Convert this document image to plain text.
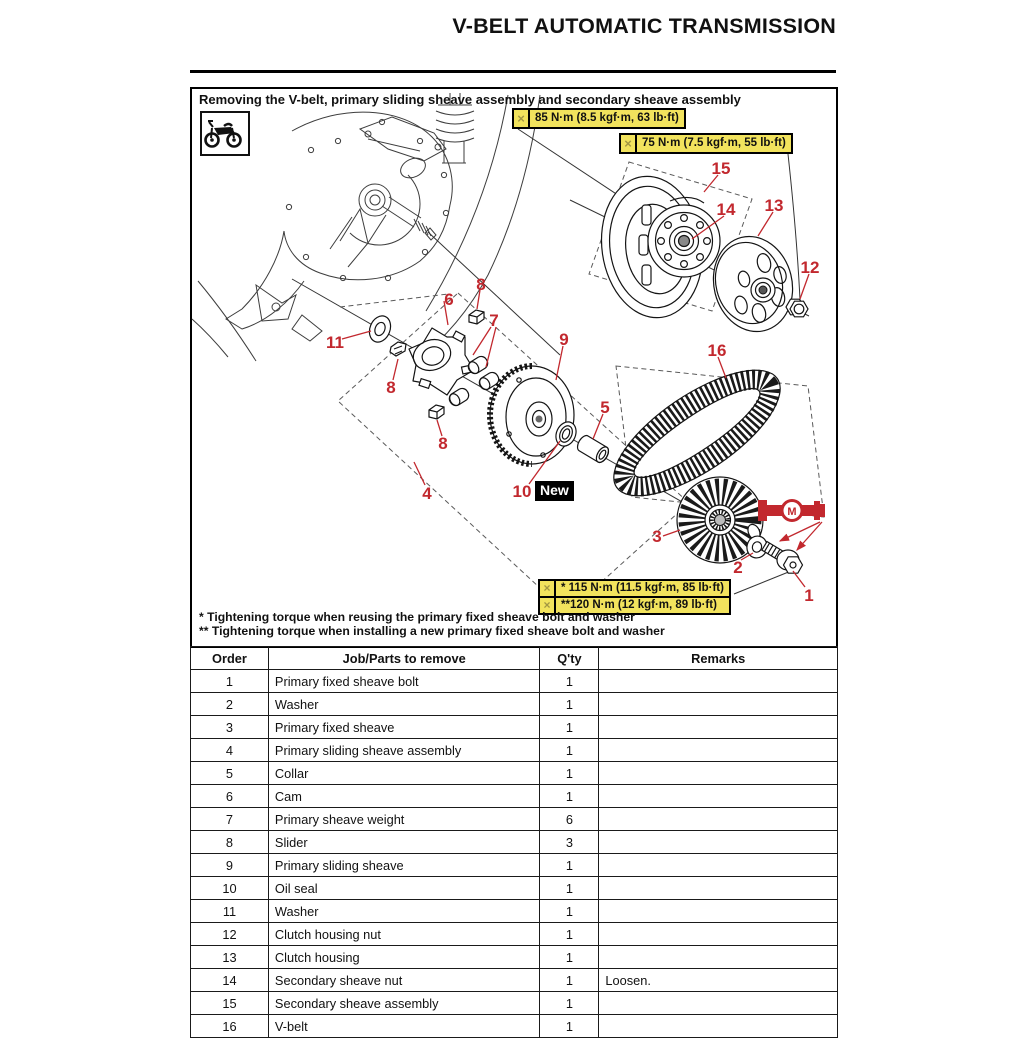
V-BELT AUTOMATIC TRANSMISSION
M
1
2
3
4
5
6
7
8
8
8
9
10
11
12
13
14
15
16
Removing the V-belt, primary sliding sheave assembly and secondary sheave assembly
× 85 N·m (8.5 kgf·m, 63 lb·ft)
× 75 N·m (7.5 kgf·m, 55 lb·ft)
× * 115 N·m (11.5 kgf·m, 85 lb·ft)
× **120 N·m (12 kgf·m, 89 lb·ft)
New
* Tightening torque when reusing the primary fixed sheave bolt and washer
** Tightening torque when installing a new primary fixed sheave bolt and washer
Order	Job/Parts to remove	Q'ty	Remarks
1	Primary fixed sheave bolt	1	
2	Washer	1	
3	Primary fixed sheave	1	
4	Primary sliding sheave assembly	1	
5	Collar	1	
6	Cam	1	
7	Primary sheave weight	6	
8	Slider	3	
9	Primary sliding sheave	1	
10	Oil seal	1	
11	Washer	1	
12	Clutch housing nut	1	
13	Clutch housing	1	
14	Secondary sheave nut	1	Loosen.
15	Secondary sheave assembly	1	
16	V-belt	1	
